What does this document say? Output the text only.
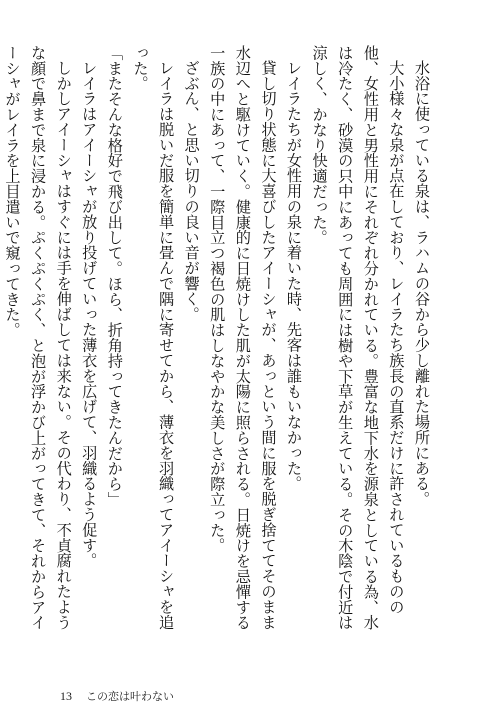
水浴に使っている泉は、ラハムの谷から少し離れた場所にある。

大小様々な泉が点在しており、レイラたち族長の直系だけに許されているものの他、女性用と男性用にそれぞれ分かれている。豊富な地下水を源泉としている為、水は冷たく、砂漠の只中にあっても周囲には樹や下草が生えている。その木陰で付近は涼しく、かなり快適だった。

レイラたちが女性用の泉に着いた時、先客は誰もいなかった。

貸し切り状態に大喜びしたアイーシャが、あっという間に服を脱ぎ捨ててそのまま水辺へと駆けていく。健康的に日焼けした肌が太陽に照らされる。日焼けを忌憚する一族の中にあって、一際目立つ褐色の肌はしなやかな美しさが際立った。

ざぶん、と思い切りの良い音が響く。

レイラは脱いだ服を簡単に畳んで隅に寄せてから、薄衣を羽織ってアイーシャを追った。

「またそんな格好で飛び出して。ほら、折角持ってきたんだから」

レイラはアイーシャが放り投げていった薄衣を広げて、羽織るよう促す。

しかしアイーシャはすぐには手を伸ばしては来ない。その代わり、不貞腐れたような顔で鼻まで泉に浸かる。ぷくぷくぷく、と泡が浮かび上がってきて、それからアイーシャがレイラを上目遣いで窺ってきた。

13 この恋は叶わない
